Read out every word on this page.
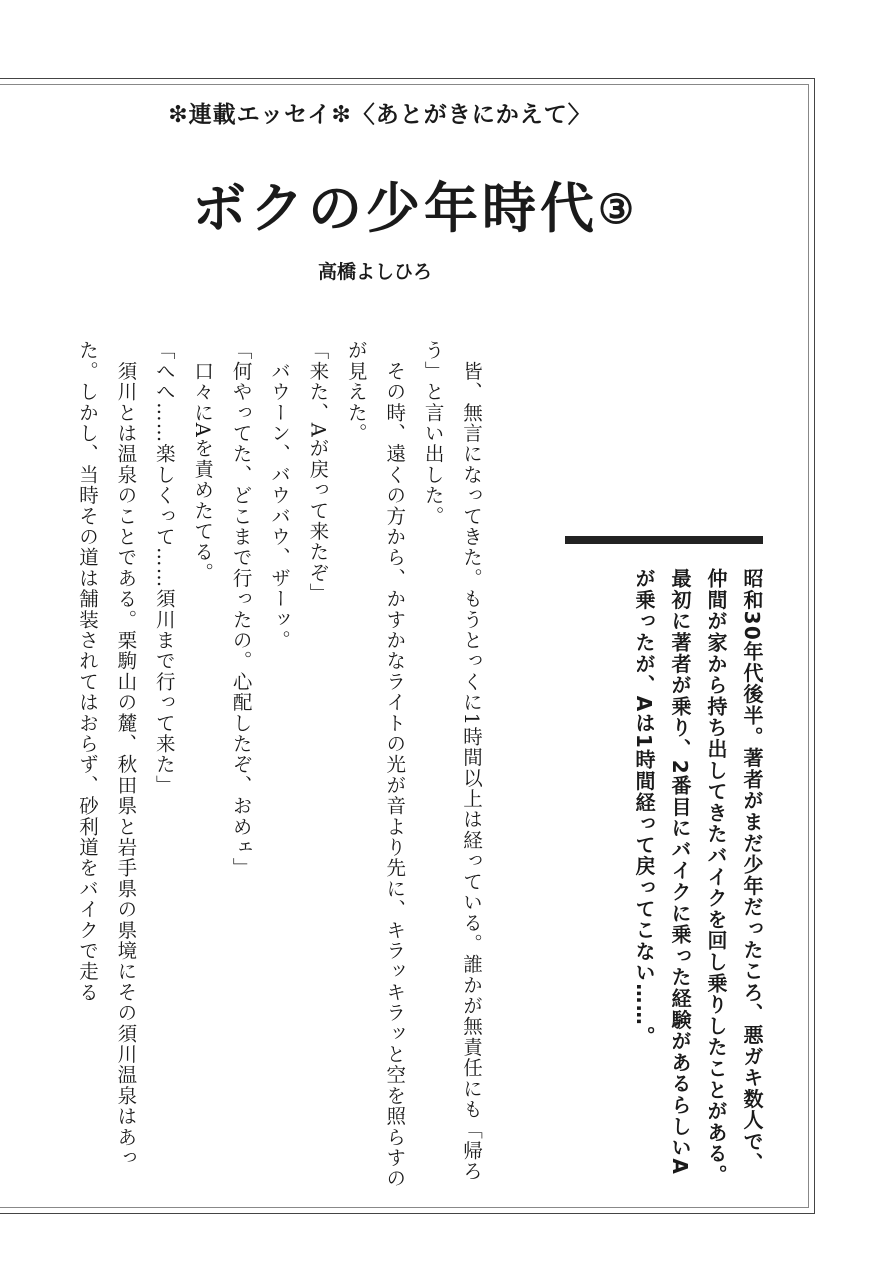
❇連載エッセイ❇〈あとがきにかえて〉
ボクの少年時代③
高橋よしひろ

　皆、無言になってきた。もうとっくに1時間以上は経っている。誰かが無責任にも「帰ろう」と言い出した。

　その時、遠くの方から、かすかなライトの光が音より先に、キラッキラッと空を照らすのが見えた。

「来た、Aが戻って来たぞ」

　バウーン、バウバウ、ザーッ。

「何やってた、どこまで行ったの。心配したぞ、おめェ」

　口々にAを責めたてる。

「へへ……楽しくって……須川まで行って来た」

　須川とは温泉のことである。栗駒山の麓、秋田県と岩手県の県境にその須川温泉はあった。しかし、当時その道は舗装されてはおらず、砂利道をバイクで走る	昭和30年代後半。著者がまだ少年だったころ、悪ガキ数人で、仲間が家から持ち出してきたバイクを回し乗りしたことがある。最初に著者が乗り、2番目にバイクに乗った経験があるらしいAが乗ったが、Aは1時間経って戻ってこない……。
